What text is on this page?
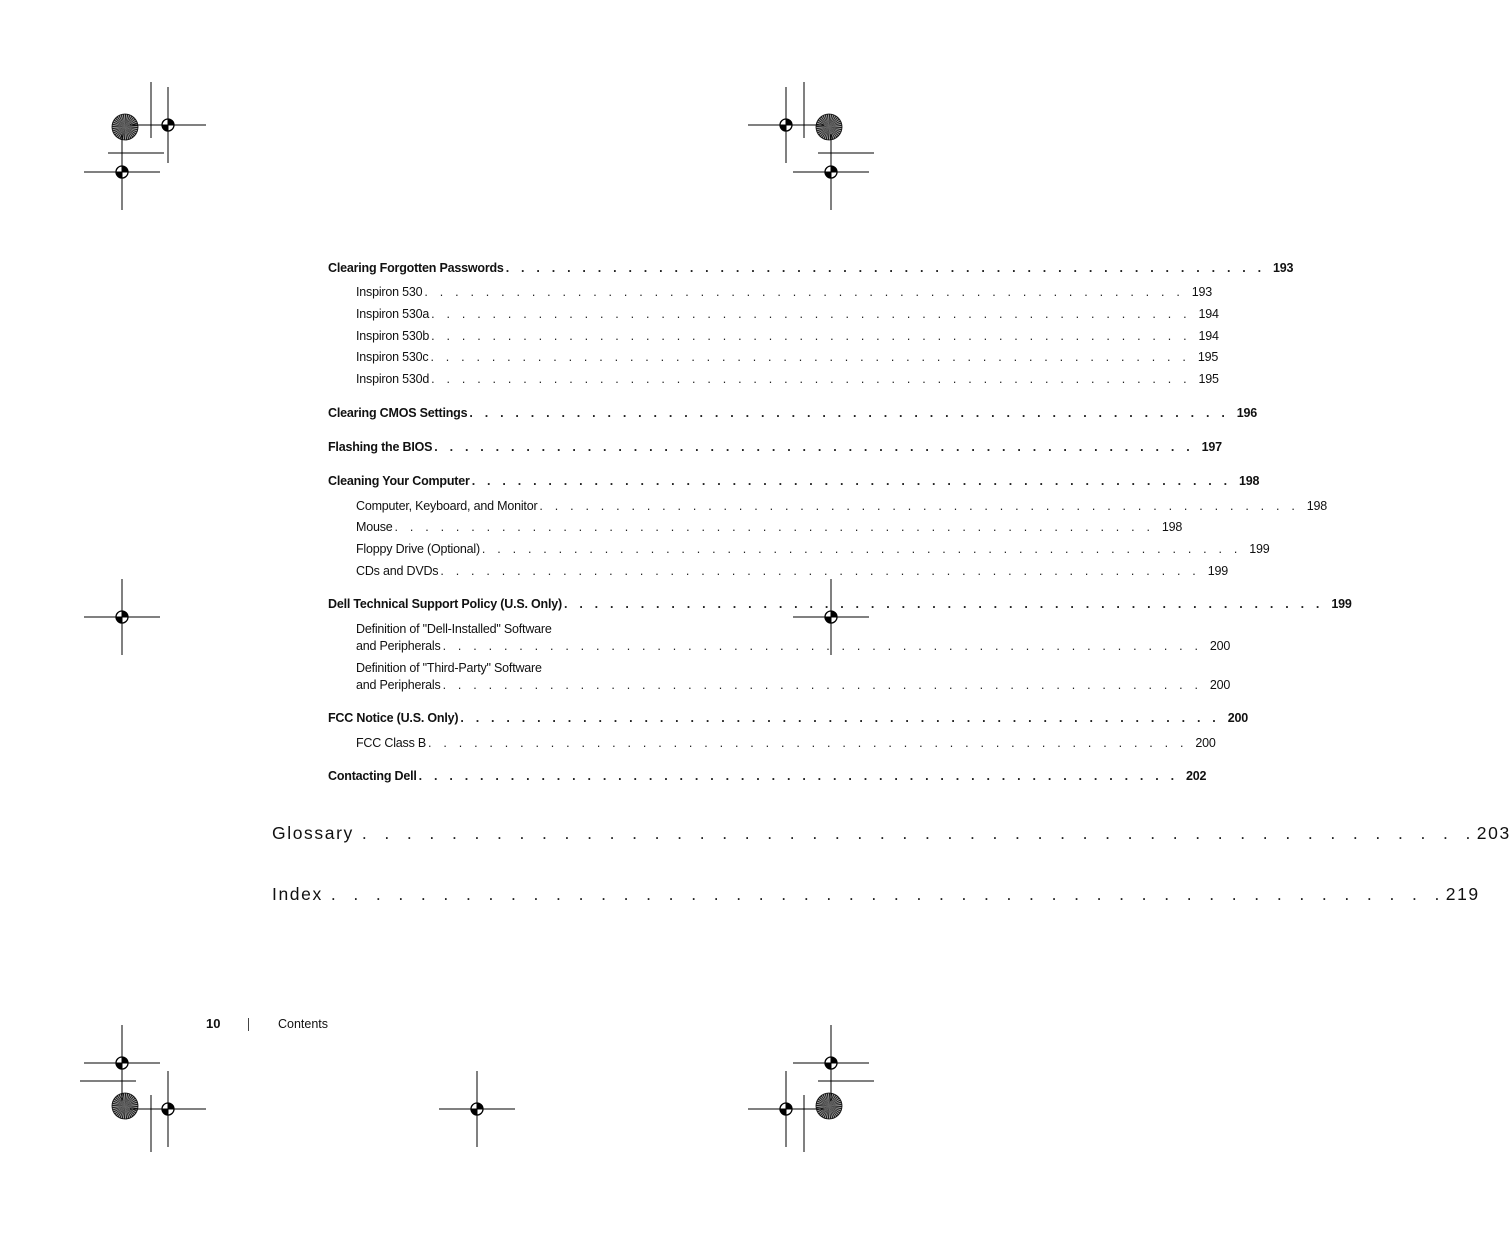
Clearing Forgotten Passwords . . . . . . . . . . . . . . . . . . . . . . . . . . . . . . . . . . . . . . . . . . . . . . . . . . 193
Inspiron 530 . . . . . . . . . . . . . . . . . . . . . . . . . . . . . . . . . . . . . . . . . . . . . . . . . . 193
Inspiron 530a . . . . . . . . . . . . . . . . . . . . . . . . . . . . . . . . . . . . . . . . . . . . . . . . . . 194
Inspiron 530b . . . . . . . . . . . . . . . . . . . . . . . . . . . . . . . . . . . . . . . . . . . . . . . . . . 194
Inspiron 530c . . . . . . . . . . . . . . . . . . . . . . . . . . . . . . . . . . . . . . . . . . . . . . . . . . 195
Inspiron 530d . . . . . . . . . . . . . . . . . . . . . . . . . . . . . . . . . . . . . . . . . . . . . . . . . . 195
Clearing CMOS Settings . . . . . . . . . . . . . . . . . . . . . . . . . . . . . . . . . . . . . . . . . . . . . . . . . . 196
Flashing the BIOS . . . . . . . . . . . . . . . . . . . . . . . . . . . . . . . . . . . . . . . . . . . . . . . . . . 197
Cleaning Your Computer . . . . . . . . . . . . . . . . . . . . . . . . . . . . . . . . . . . . . . . . . . . . . . . . . . 198
Computer, Keyboard, and Monitor . . . . . . . . . . . . . . . . . . . . . . . . . . . . . . . . . . . . . . . . . . . . . . . . . . 198
Mouse . . . . . . . . . . . . . . . . . . . . . . . . . . . . . . . . . . . . . . . . . . . . . . . . . . 198
Floppy Drive (Optional) . . . . . . . . . . . . . . . . . . . . . . . . . . . . . . . . . . . . . . . . . . . . . . . . . . 199
CDs and DVDs . . . . . . . . . . . . . . . . . . . . . . . . . . . . . . . . . . . . . . . . . . . . . . . . . . 199
Dell Technical Support Policy (U.S. Only) . . . . . . . . . . . . . . . . . . . . . . . . . . . . . . . . . . . . . . . . . . . . . . . . . . 199
Definition of "Dell-Installed" Software
and Peripherals . . . . . . . . . . . . . . . . . . . . . . . . . . . . . . . . . . . . . . . . . . . . . . . . . . 200
Definition of "Third-Party" Software
and Peripherals . . . . . . . . . . . . . . . . . . . . . . . . . . . . . . . . . . . . . . . . . . . . . . . . . . 200
FCC Notice (U.S. Only) . . . . . . . . . . . . . . . . . . . . . . . . . . . . . . . . . . . . . . . . . . . . . . . . . . 200
FCC Class B . . . . . . . . . . . . . . . . . . . . . . . . . . . . . . . . . . . . . . . . . . . . . . . . . . 200
Contacting Dell . . . . . . . . . . . . . . . . . . . . . . . . . . . . . . . . . . . . . . . . . . . . . . . . . . 202
Glossary . . . . . . . . . . . . . . . . . . . . . . . . . . . . . . . . . . . . . . . . . . . . . . . . . . 203
Index . . . . . . . . . . . . . . . . . . . . . . . . . . . . . . . . . . . . . . . . . . . . . . . . . . 219
10	Contents
